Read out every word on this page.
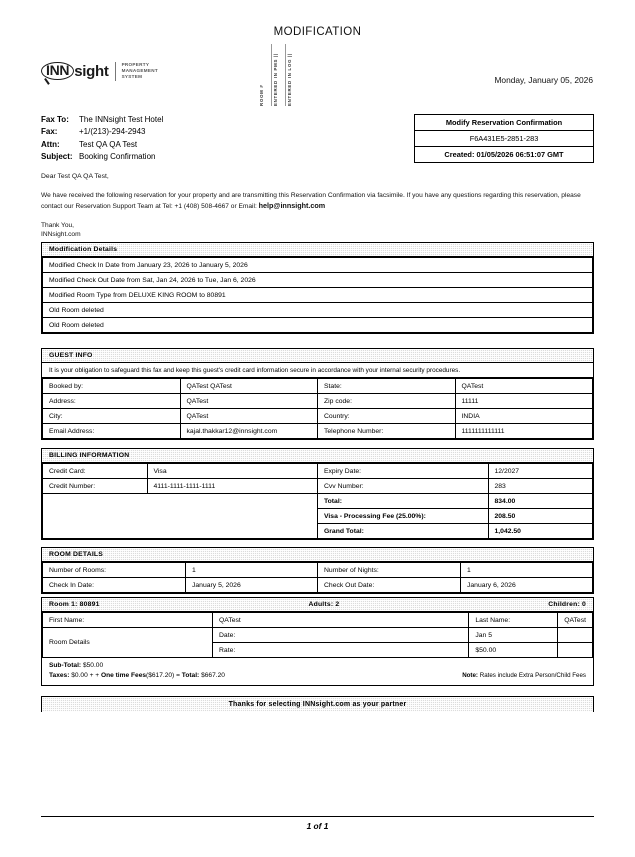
MODIFICATION
INN sight	PROPERTY
MANAGEMENT
SYSTEM
ROOM #	ENTERED IN PMS ||	ENTERED IN LOG ||	Monday, January 05, 2026
Modify Reservation Confirmation
F6A431E5-2851-283
Created: 01/05/2026 06:51:07 GMT
Fax To:	The INNsight Test Hotel
Fax:	+1/(213)-294-2943
Attn:	Test QA QA Test
Subject: Booking Confirmation

Dear Test QA QA Test,

We have received the following reservation for your property and are transmitting this Reservation Confirmation via facsimile. If you have any questions regarding this reservation, please contact our Reservation Support Team at Tel: +1 (408) 508-4667 or Email: help@innsight.com

Thank You,
INNsight.com
Modification Details
Modified Check In Date from January 23, 2026 to January 5, 2026
Modified Check Out Date from Sat, Jan 24, 2026 to Tue, Jan 6, 2026
Modified Room Type from DELUXE KING ROOM to 80891
Old Room deleted
Old Room deleted
GUEST INFO
It is your obligation to safeguard this fax and keep this guest's credit card information secure in accordance with your internal security procedures.
Booked by:	QATest QATest	State:	QATest
Address:	QATest	Zip code:	11111
City:	QATest	Country:	INDIA
Email Address:	kajal.thakkar12@innsight.com	Telephone Number:	1111111111111
BILLING INFORMATION
Credit Card:	Visa	Expiry Date:	12/2027
Credit Number:	4111-1111-1111-1111	Cvv Number:	283
		Total:	834.00
		Visa - Processing Fee (25.00%):	208.50
		Grand Total:	1,042.50
ROOM DETAILS
Number of Rooms:	1	Number of Nights:	1
Check In Date:	January 5, 2026	Check Out Date:	January 6, 2026
Room 1: 80891	Adults: 2	Children: 0
First Name:	QATest	Last Name:	QATest
Room Details	Date:	Jan 5	
	Rate:	$50.00	
Sub-Total: $50.00
Taxes: $0.00 + + One time Fees($617.20) = Total: $667.20	Note: Rates include Extra Person/Child Fees
Thanks for selecting INNsight.com as your partner
1 of 1
